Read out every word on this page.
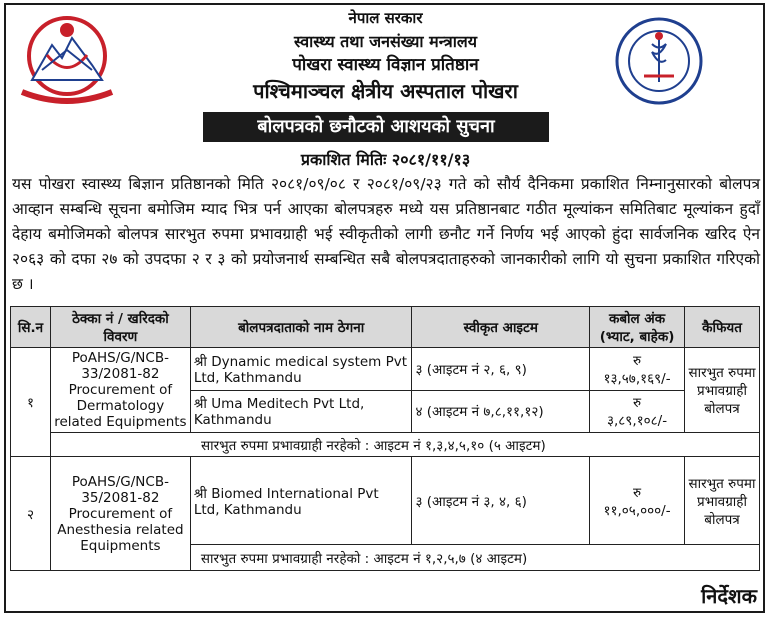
नेपाल सरकार
स्वास्थ्य तथा जनसंख्या मन्त्रालय
पोखरा स्वास्थ्य विज्ञान प्रतिष्ठान
पश्चिमाञ्चल क्षेत्रीय अस्पताल पोखरा
बोलपत्रको छनौटको आशयको सुचना
प्रकाशित मितिः २०८१/११/१३
यस पोखरा स्वास्थ्य बिज्ञान प्रतिष्ठानको मिति २०८१/०९/०८ र २०८१/०९/२३ गते को सौर्य दैनिकमा प्रकाशित निम्नानुसारको बोलपत्र आव्हान सम्बन्धि सूचना बमोजिम म्याद भित्र पर्न आएका बोलपत्रहरु मध्ये यस प्रतिष्ठानबाट गठीत मूल्यांकन समितिबाट मूल्यांकन हुदाँ देहाय बमोजिमको बोलपत्र सारभुत रुपमा प्रभावग्राही भई स्वीकृतीको लागी छनौट गर्ने निर्णय भई आएको हुंदा सार्वजनिक खरिद ऐन २०६३ को दफा २७ को उपदफा २ र ३ को प्रयोजनार्थ सम्बन्धित सबै बोलपत्रदाताहरुको जानकारीको लागि यो सुचना प्रकाशित गरिएको छ ।
सि.न	ठेक्का नं / खरिदको विवरण	बोलपत्रदाताको नाम ठेगना	स्वीकृत आइटम	कबोल अंक (भ्याट, बाहेक)	कैफियत
१	PoAHS/G/NCB-33/2081-82 Procurement of Dermatology related Equipments	श्री Dynamic medical system Pvt Ltd, Kathmandu	३ (आइटम नं २, ६, ९)	रु
१३,५७,१६९/-	सारभुत रुपमा प्रभावग्राही बोलपत्र
		श्री Uma Meditech Pvt Ltd, Kathmandu	४ (आइटम नं ७,८,११,१२)	रु
३,८९,१०८/-	

	सारभुत रुपमा प्रभावग्राही नरहेको : आइटम नं १,३,४,५,१० (५ आइटम)				
२	PoAHS/G/NCB-35/2081-82 Procurement of Anesthesia related Equipments	श्री Biomed International Pvt Ltd, Kathmandu	३ (आइटम नं ३, ४, ६)	रु
११,०५,०००/-	सारभुत रुपमा प्रभावग्राही बोलपत्र
		सारभुत रुपमा प्रभावग्राही नरहेको : आइटम नं १,२,५,७ (४ आइटम)			
निर्देशक
